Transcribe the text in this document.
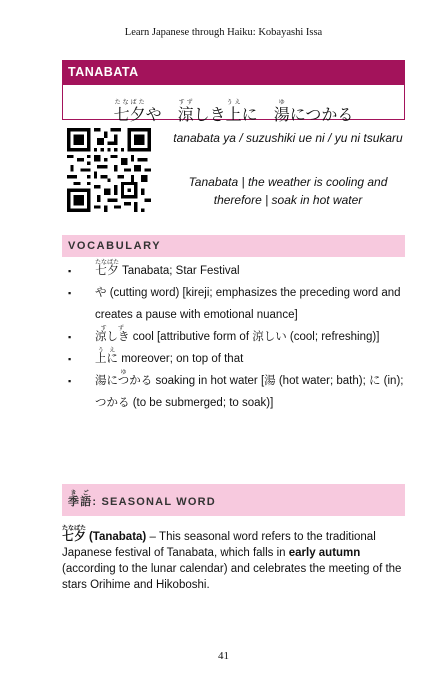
Learn Japanese through Haiku: Kobayashi Issa
TANABATA
七夕たなばたや　涼すずしき上うえに　湯ゆにつかる
tanabata ya / suzushiki ue ni / yu ni tsukaru
Tanabata | the weather is cooling and therefore | soak in hot water
VOCABULARY
▪ 七夕たなばた Tanabata; Star Festival
▪ や (cutting word) [kireji; emphasizes the preceding word and creates a pause with emotional nuance]
▪ 涼しきすず cool [attributive form of 涼しい (cool; refreshing)]
▪ 上にうえ moreover; on top of that
▪ 湯につかるゆ soaking in hot water [湯 (hot water; bath); に (in); つかる (to be submerged; to soak)]
季語きご: SEASONAL WORD
七夕たなばた (Tanabata) – This seasonal word refers to the traditional Japanese festival of Tanabata, which falls in early autumn (according to the lunar calendar) and celebrates the meeting of the stars Orihime and Hikoboshi.
41
